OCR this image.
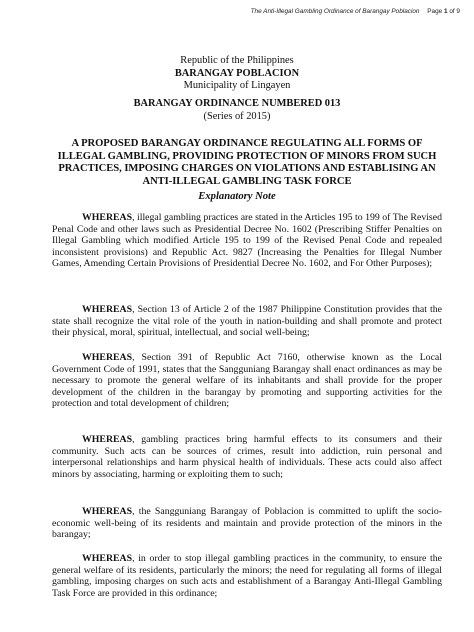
The Anti-Illegal Gambling Ordinance of Barangay Poblacion Page 1 of 9
Republic of the Philippines
BARANGAY POBLACION
Municipality of Lingayen
BARANGAY ORDINANCE NUMBERED 013
(Series of 2015)
A PROPOSED BARANGAY ORDINANCE REGULATING ALL FORMS OF ILLEGAL GAMBLING, PROVIDING PROTECTION OF MINORS FROM SUCH PRACTICES, IMPOSING CHARGES ON VIOLATIONS AND ESTABLISING AN ANTI-ILLEGAL GAMBLING TASK FORCE
Explanatory Note

WHEREAS, illegal gambling practices are stated in the Articles 195 to 199 of The Revised Penal Code and other laws such as Presidential Decree No. 1602 (Prescribing Stiffer Penalties on Illegal Gambling which modified Article 195 to 199 of the Revised Penal Code and repealed inconsistent provisions) and Republic Act. 9827 (Increasing the Penalties for Illegal Number Games, Amending Certain Provisions of Presidential Decree No. 1602, and For Other Purposes);

WHEREAS, Section 13 of Article 2 of the 1987 Philippine Constitution provides that the state shall recognize the vital role of the youth in nation-building and shall promote and protect their physical, moral, spiritual, intellectual, and social well-being;

WHEREAS, Section 391 of Republic Act 7160, otherwise known as the Local Government Code of 1991, states that the Sangguniang Barangay shall enact ordinances as may be necessary to promote the general welfare of its inhabitants and shall provide for the proper development of the children in the barangay by promoting and supporting activities for the protection and total development of children;

WHEREAS, gambling practices bring harmful effects to its consumers and their community. Such acts can be sources of crimes, result into addiction, ruin personal and interpersonal relationships and harm physical health of individuals. These acts could also affect minors by associating, harming or exploiting them to such;

WHEREAS, the Sangguniang Barangay of Poblacion is committed to uplift the socio-economic well-being of its residents and maintain and provide protection of the minors in the barangay;

WHEREAS, in order to stop illegal gambling practices in the community, to ensure the general welfare of its residents, particularly the minors; the need for regulating all forms of illegal gambling, imposing charges on such acts and establishment of a Barangay Anti-Illegal Gambling Task Force are provided in this ordinance;
